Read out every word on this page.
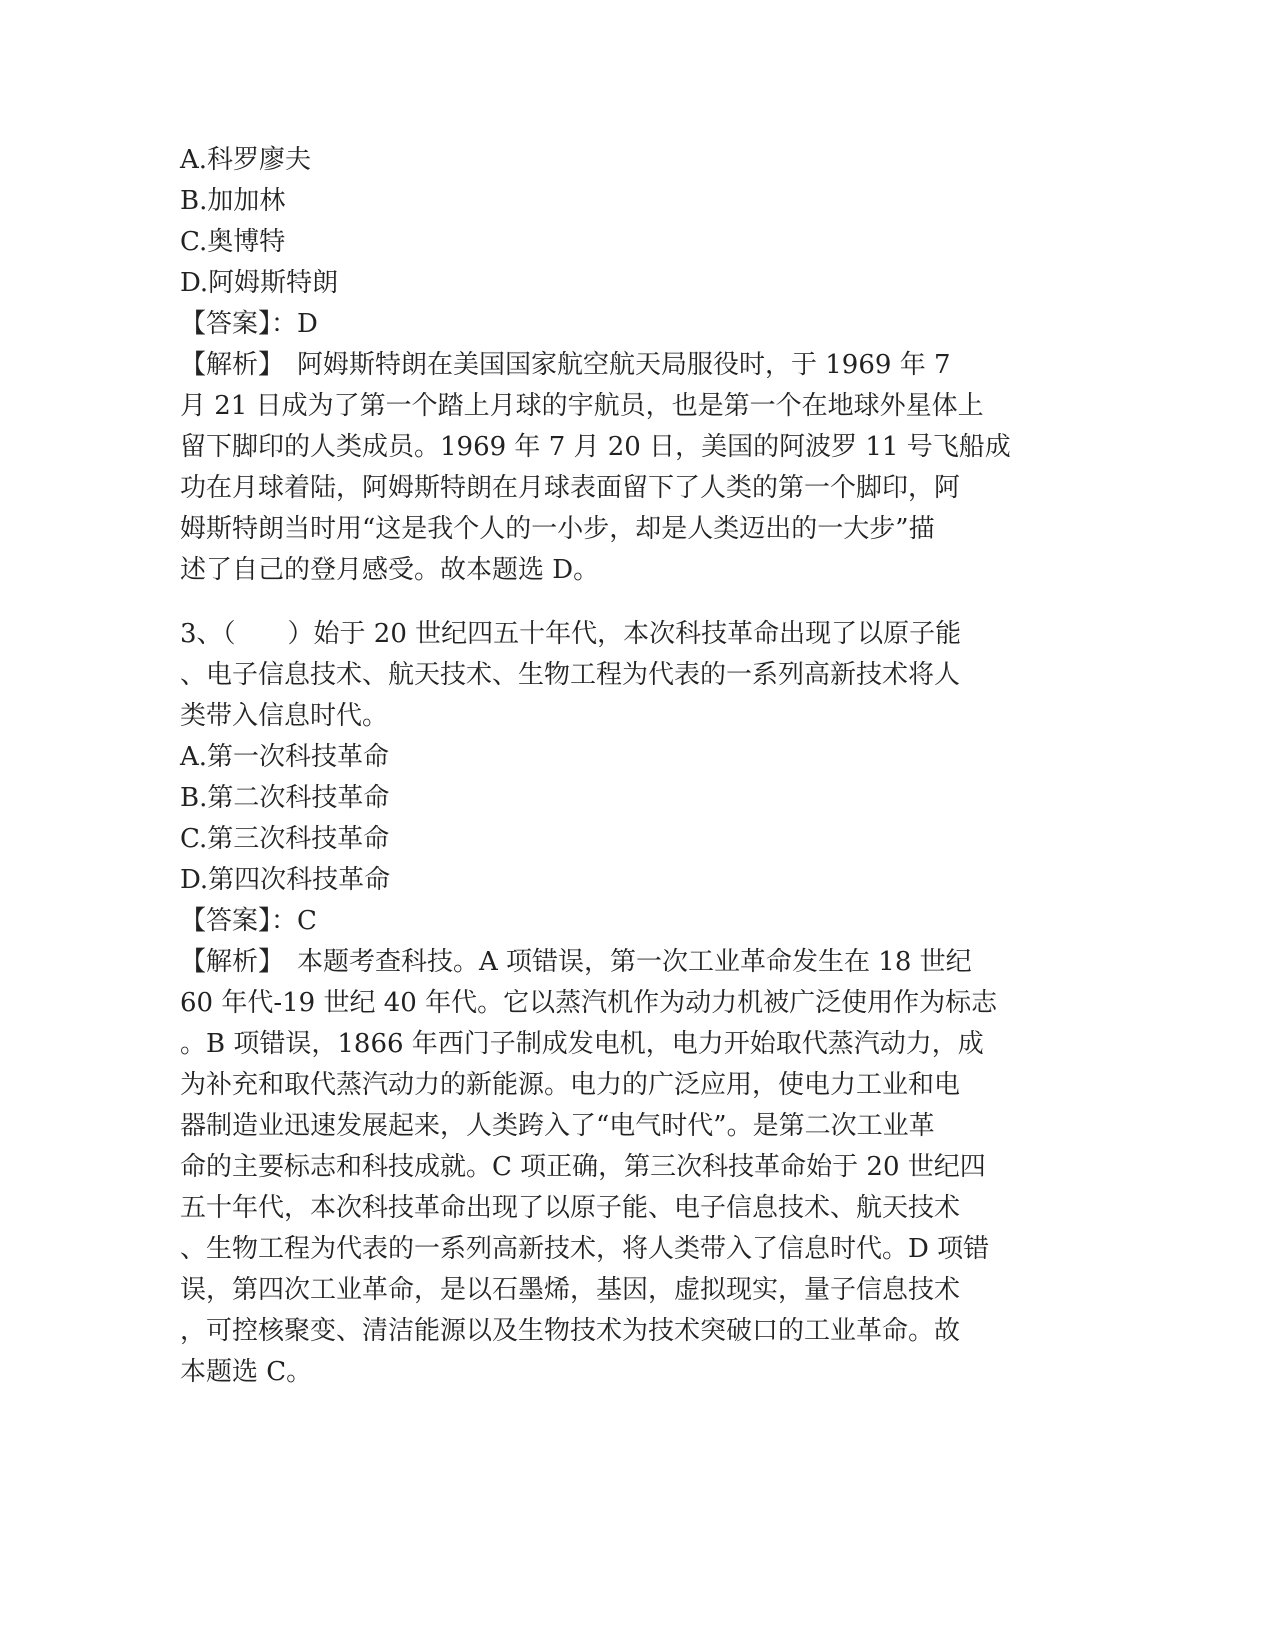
A.科罗廖夫
B.加加林
C.奥博特
D.阿姆斯特朗
【答案】：D
【解析】　阿姆斯特朗在美国国家航空航天局服役时，于 1969 年 7
月 21 日成为了第一个踏上月球的宇航员，也是第一个在地球外星体上
留下脚印的人类成员。1969 年 7 月 20 日，美国的阿波罗 11 号飞船成
功在月球着陆，阿姆斯特朗在月球表面留下了人类的第一个脚印，阿
姆斯特朗当时用“这是我个人的一小步，却是人类迈出的一大步”描
述了自己的登月感受。故本题选 D。
3、（　　）始于 20 世纪四五十年代，本次科技革命出现了以原子能
、电子信息技术、航天技术、生物工程为代表的一系列高新技术将人
类带入信息时代。
A.第一次科技革命
B.第二次科技革命
C.第三次科技革命
D.第四次科技革命
【答案】：C
【解析】　本题考查科技。A 项错误，第一次工业革命发生在 18 世纪
60 年代-19 世纪 40 年代。它以蒸汽机作为动力机被广泛使用作为标志
。B 项错误，1866 年西门子制成发电机，电力开始取代蒸汽动力，成
为补充和取代蒸汽动力的新能源。电力的广泛应用，使电力工业和电
器制造业迅速发展起来，人类跨入了“电气时代”。是第二次工业革
命的主要标志和科技成就。C 项正确，第三次科技革命始于 20 世纪四
五十年代，本次科技革命出现了以原子能、电子信息技术、航天技术
、生物工程为代表的一系列高新技术，将人类带入了信息时代。D 项错
误，第四次工业革命，是以石墨烯，基因，虚拟现实，量子信息技术
，可控核聚变、清洁能源以及生物技术为技术突破口的工业革命。故
本题选 C。
